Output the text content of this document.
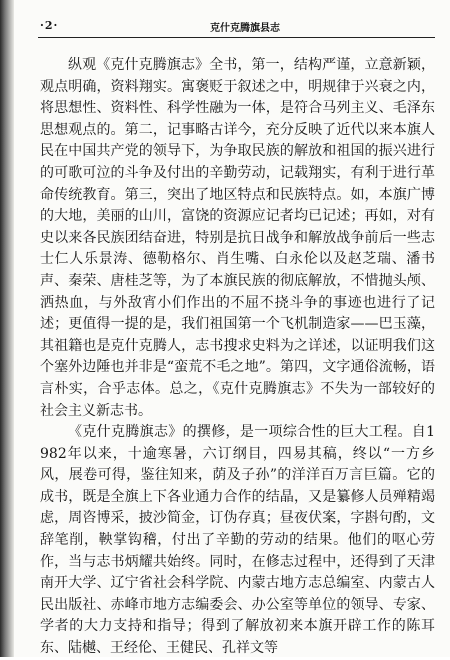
·2·	克什克腾旗县志

纵观《克什克腾旗志》全书，第一，结构严谨，立意新颖，观点明确，资料翔实。寓褒贬于叙述之中，明规律于兴衰之内，将思想性、资料性、科学性融为一体，是符合马列主义、毛泽东思想观点的。第二，记事略古详今，充分反映了近代以来本旗人民在中国共产党的领导下，为争取民族的解放和祖国的振兴进行的可歌可泣的斗争及付出的辛勤劳动，记载翔实，有利于进行革命传统教育。第三，突出了地区特点和民族特点。如，本旗广博的大地，美丽的山川，富饶的资源应记者均已记述；再如，对有史以来各民族团结奋进，特别是抗日战争和解放战争前后一些志士仁人乐景涛、德勒格尔、肖生嘴、白永伦以及赵芝瑞、潘书声、秦荣、唐桂芝等，为了本旗民族的彻底解放，不惜抛头颅、洒热血，与外敌宵小们作出的不屈不挠斗争的事迹也进行了记述；更值得一提的是，我们祖国第一个飞机制造家——巴玉藻，其祖籍也是克什克腾人，志书搜求史料为之详述，以证明我们这个塞外边陲也并非是“蛮荒不毛之地”。第四，文字通俗流畅，语言朴实，合乎志体。总之，《克什克腾旗志》不失为一部较好的社会主义新志书。

《克什克腾旗志》的撰修，是一项综合性的巨大工程。自1982年以来，十逾寒暑，六订纲目，四易其稿，终以“一方乡风，展卷可得，鉴往知来，荫及子孙”的洋洋百万言巨篇。它的成书，既是全旗上下各业通力合作的结晶，又是纂修人员殚精竭虑，周咨博采，披沙简金，订伪存真；昼夜伏案，字斟句酌，文辞笔削，鞅掌钩稽，付出了辛勤的劳动的结果。他们的呕心劳作，当与志书炳耀共始终。同时，在修志过程中，还得到了天津南开大学、辽宁省社会科学院、内蒙古地方志总编室、内蒙古人民出版社、赤峰市地方志编委会、办公室等单位的领导、专家、学者的大力支持和指导；得到了解放初来本旗开辟工作的陈耳东、陆樾、王经伦、王健民、孔祥文等
